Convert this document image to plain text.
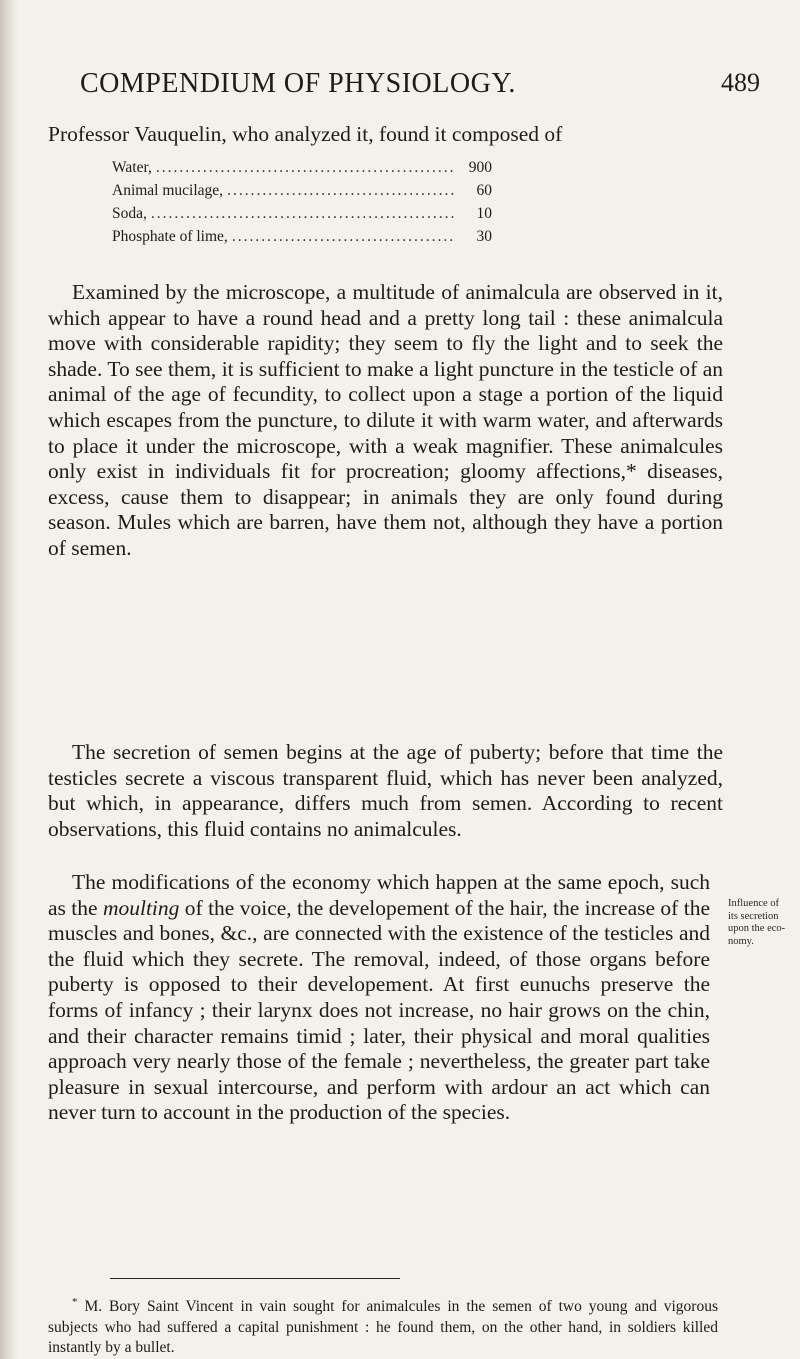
COMPENDIUM OF PHYSIOLOGY.	489
Professor Vauquelin, who analyzed it, found it composed of
Water, .....	900
Animal mucilage, .....	60
Soda, .....	10
Phosphate of lime, .....	30

Examined by the microscope, a multitude of animalcula are observed in it, which appear to have a round head and a pretty long tail : these animalcula move with considerable rapidity; they seem to fly the light and to seek the shade. To see them, it is sufficient to make a light puncture in the testicle of an animal of the age of fecundity, to collect upon a stage a portion of the liquid which escapes from the puncture, to dilute it with warm water, and afterwards to place it under the microscope, with a weak magnifier. These animalcules only exist in individuals fit for procreation; gloomy affections,* diseases, excess, cause them to disappear; in animals they are only found during season. Mules which are barren, have them not, although they have a portion of semen.

The secretion of semen begins at the age of puberty; before that time the testicles secrete a viscous transparent fluid, which has never been analyzed, but which, in appearance, differs much from semen. According to recent observations, this fluid contains no animalcules.

The modifications of the economy which happen at the same epoch, such as the moulting of the voice, the developement of the hair, the increase of the muscles and bones, &c., are connected with the existence of the testicles and the fluid which they secrete. The removal, indeed, of those organs before puberty is opposed to their developement. At first eunuchs preserve the forms of infancy ; their larynx does not increase, no hair grows on the chin, and their character remains timid ; later, their physical and moral qualities approach very nearly those of the female ; nevertheless, the greater part take pleasure in sexual intercourse, and perform with ardour an act which can never turn to account in the production of the species.

Influence of
its secretion
upon the eco-
nomy.

* M. Bory Saint Vincent in vain sought for animalcules in the semen of two young and vigorous subjects who had suffered a capital punishment : he found them, on the other hand, in soldiers killed instantly by a bullet.
